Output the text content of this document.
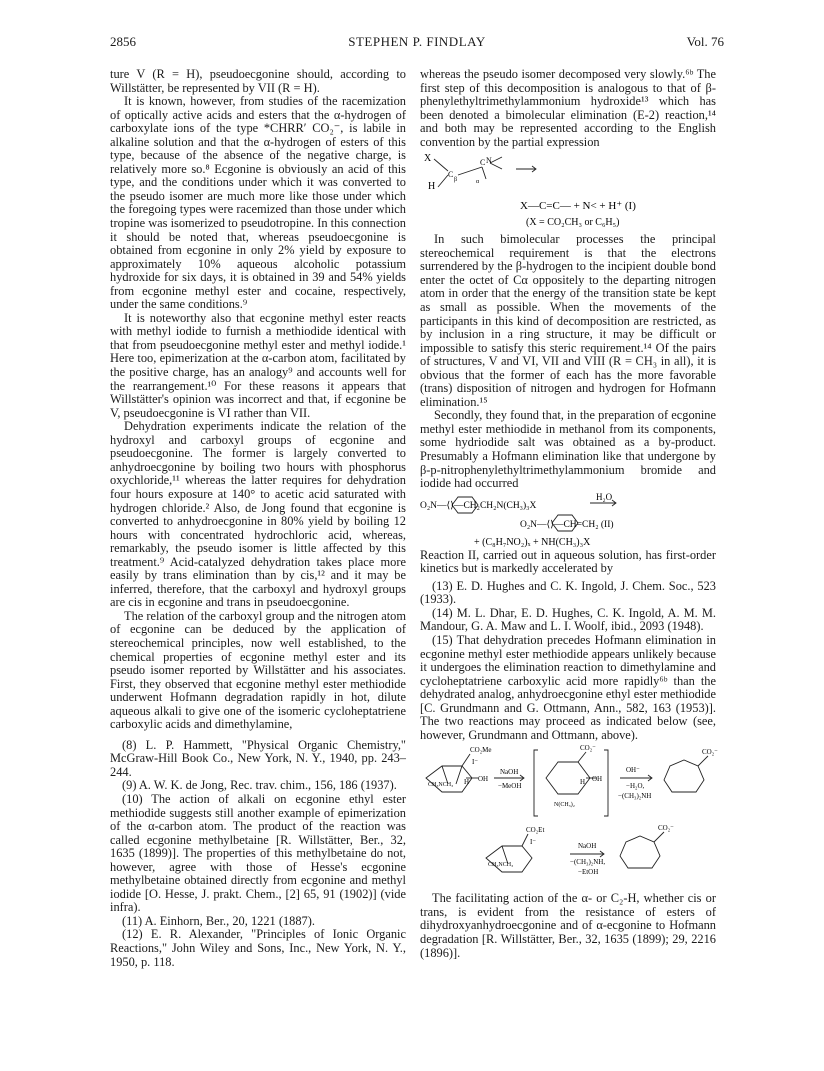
2856	STEPHEN P. FINDLAY	Vol. 76

ture V (R = H), pseudoecgonine should, according to Willstätter, be represented by VII (R = H).

It is known, however, from studies of the racemization of optically active acids and esters that the α-hydrogen of carboxylate ions of the type *CHRR′ CO₂⁻, is labile in alkaline solution and that the α-hydrogen of esters of this type, because of the absence of the negative charge, is relatively more so.⁸ Ecgonine is obviously an acid of this type, and the conditions under which it was converted to the pseudo isomer are much more like those under which the foregoing types were racemized than those under which tropine was isomerized to pseudotropine. In this connection it should be noted that, whereas pseudoecgonine is obtained from ecgonine in only 2% yield by exposure to approximately 10% aqueous alcoholic potassium hydroxide for six days, it is obtained in 39 and 54% yields from ecgonine methyl ester and cocaine, respectively, under the same conditions.⁹

It is noteworthy also that ecgonine methyl ester reacts with methyl iodide to furnish a methiodide identical with that from pseudoecgonine methyl ester and methyl iodide.¹ Here too, epimerization at the α-carbon atom, facilitated by the positive charge, has an analogy⁹ and accounts well for the rearrangement.¹⁰ For these reasons it appears that Willstätter's opinion was incorrect and that, if ecgonine be V, pseudoecgonine is VI rather than VII.

Dehydration experiments indicate the relation of the hydroxyl and carboxyl groups of ecgonine and pseudoecgonine. The former is largely converted to anhydroecgonine by boiling two hours with phosphorus oxychloride,¹¹ whereas the latter requires for dehydration four hours exposure at 140° to acetic acid saturated with hydrogen chloride.² Also, de Jong found that ecgonine is converted to anhydroecgonine in 80% yield by boiling 12 hours with concentrated hydrochloric acid, whereas, remarkably, the pseudo isomer is little affected by this treatment.⁹ Acid-catalyzed dehydration takes place more easily by trans elimination than by cis,¹² and it may be inferred, therefore, that the carboxyl and hydroxyl groups are cis in ecgonine and trans in pseudoecgonine.

The relation of the carboxyl group and the nitrogen atom of ecgonine can be deduced by the application of stereochemical principles, now well established, to the chemical properties of ecgonine methyl ester and its pseudo isomer reported by Willstätter and his associates. First, they observed that ecgonine methyl ester methiodide underwent Hofmann degradation rapidly in hot, dilute aqueous alkali to give one of the isomeric cycloheptatriene carboxylic acids and dimethylamine,

(8) L. P. Hammett, "Physical Organic Chemistry," McGraw-Hill Book Co., New York, N. Y., 1940, pp. 243–244.

(9) A. W. K. de Jong, Rec. trav. chim., 156, 186 (1937).

(10) The action of alkali on ecgonine ethyl ester methiodide suggests still another example of epimerization of the α-carbon atom. The product of the reaction was called ecgonine methylbetaine [R. Willstätter, Ber., 32, 1635 (1899)]. The properties of this methylbetaine do not, however, agree with those of Hesse's ecgonine methylbetaine obtained directly from ecgonine and methyl iodide [O. Hesse, J. prakt. Chem., [2] 65, 91 (1902)] (vide infra).

(11) A. Einhorn, Ber., 20, 1221 (1887).

(12) E. R. Alexander, "Principles of Ionic Organic Reactions," John Wiley and Sons, Inc., New York, N. Y., 1950, p. 118.

whereas the pseudo isomer decomposed very slowly.⁶ᵇ The first step of this decomposition is analogous to that of β-phenylethyltrimethylammonium hydroxide¹³ which has been denoted a bimolecular elimination (E-2) reaction,¹⁴ and both may be represented according to the English convention by the partial expression

X
H
C
β
C N
α
X—C=C— + N< + H⁺ (I)
(X = CO₂CH₃ or C₆H₅)

In such bimolecular processes the principal stereochemical requirement is that the electrons surrendered by the β-hydrogen to the incipient double bond enter the octet of Cα oppositely to the departing nitrogen atom in order that the energy of the transition state be kept as small as possible. When the movements of the participants in this kind of decomposition are restricted, as by inclusion in a ring structure, it may be difficult or impossible to satisfy this steric requirement.¹⁴ Of the pairs of structures, V and VI, VII and VIII (R = CH₃ in all), it is obvious that the former of each has the more favorable (trans) disposition of nitrogen and hydrogen for Hofmann elimination.¹⁵

Secondly, they found that, in the preparation of ecgonine methyl ester methiodide in methanol from its components, some hydriodide salt was obtained as a by-product. Presumably a Hofmann elimination like that undergone by β-p-nitrophenylethyltrimethylammonium bromide and iodide had occurred

O₂N—⟨⟩—CH₂CH₂N(CH₃)₃X
H₂O
O₂N—⟨⟩—CH=CH₂ (II)
+ (C₈H₇NO₂)ₓ + NH(CH₃)₃X

Reaction II, carried out in aqueous solution, has first-order kinetics but is markedly accelerated by

(13) E. D. Hughes and C. K. Ingold, J. Chem. Soc., 523 (1933).

(14) M. L. Dhar, E. D. Hughes, C. K. Ingold, A. M. M. Mandour, G. A. Maw and L. I. Woolf, ibid., 2093 (1948).

(15) That dehydration precedes Hofmann elimination in ecgonine methyl ester methiodide appears unlikely because it undergoes the elimination reaction to dimethylamine and cycloheptatriene carboxylic acid more rapidly⁶ᵇ than the dehydrated analog, anhydroecgonine ethyl ester methiodide [C. Grundmann and G. Ottmann, Ann., 582, 163 (1953)]. The two reactions may proceed as indicated below (see, however, Grundmann and Ottmann, above).

CO₂Me
I⁻
OH
H
CH₃NCH₃
NaOH
−MeOH
CO₂⁻
OH
H
N(CH₃)₂
OH⁻
−H₂O,
−(CH₃)₂NH
CO₂⁻
CO₂Et
I⁻
CH₃NCH₃
NaOH
−(CH₃)₂NH,
−EtOH
CO₂⁻

The facilitating action of the α- or C₂-H, whether cis or trans, is evident from the resistance of esters of dihydroxyanhydroecgonine and of α-ecgonine to Hofmann degradation [R. Willstätter, Ber., 32, 1635 (1899); 29, 2216 (1896)].
